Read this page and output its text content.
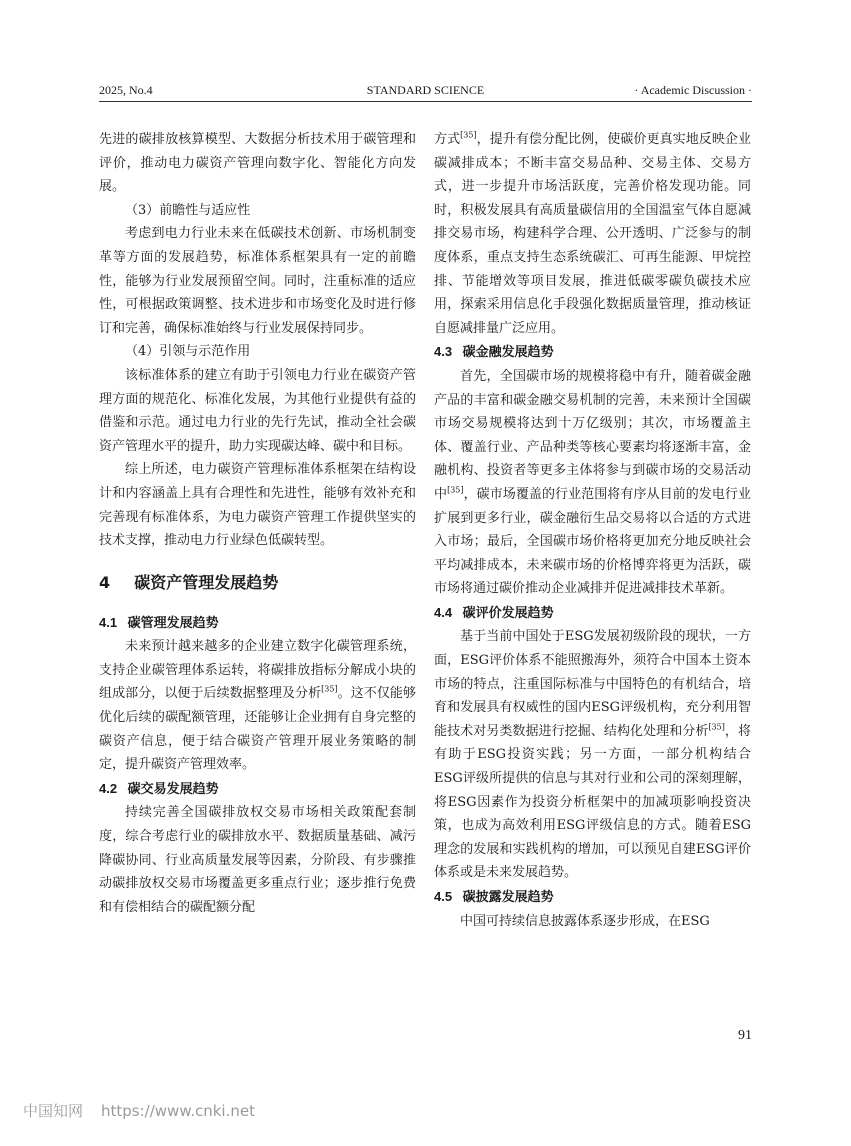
2025, No.4	STANDARD SCIENCE	· Academic Discussion ·

先进的碳排放核算模型、大数据分析技术用于碳管理和评价，推动电力碳资产管理向数字化、智能化方向发展。

（3）前瞻性与适应性

考虑到电力行业未来在低碳技术创新、市场机制变革等方面的发展趋势，标准体系框架具有一定的前瞻性，能够为行业发展预留空间。同时，注重标准的适应性，可根据政策调整、技术进步和市场变化及时进行修订和完善，确保标准始终与行业发展保持同步。

（4）引领与示范作用

该标准体系的建立有助于引领电力行业在碳资产管理方面的规范化、标准化发展，为其他行业提供有益的借鉴和示范。通过电力行业的先行先试，推动全社会碳资产管理水平的提升，助力实现碳达峰、碳中和目标。

综上所述，电力碳资产管理标准体系框架在结构设计和内容涵盖上具有合理性和先进性，能够有效补充和完善现有标准体系，为电力碳资产管理工作提供坚实的技术支撑，推动电力行业绿色低碳转型。

4 碳资产管理发展趋势
4.1 碳管理发展趋势

未来预计越来越多的企业建立数字化碳管理系统，支持企业碳管理体系运转，将碳排放指标分解成小块的组成部分，以便于后续数据整理及分析[35]。这不仅能够优化后续的碳配额管理，还能够让企业拥有自身完整的碳资产信息，便于结合碳资产管理开展业务策略的制定，提升碳资产管理效率。

4.2 碳交易发展趋势

持续完善全国碳排放权交易市场相关政策配套制度，综合考虑行业的碳排放水平、数据质量基础、减污降碳协同、行业高质量发展等因素，分阶段、有步骤推动碳排放权交易市场覆盖更多重点行业；逐步推行免费和有偿相结合的碳配额分配

方式[35]，提升有偿分配比例，使碳价更真实地反映企业碳减排成本；不断丰富交易品种、交易主体、交易方式，进一步提升市场活跃度，完善价格发现功能。同时，积极发展具有高质量碳信用的全国温室气体自愿减排交易市场，构建科学合理、公开透明、广泛参与的制度体系，重点支持生态系统碳汇、可再生能源、甲烷控排、节能增效等项目发展，推进低碳零碳负碳技术应用，探索采用信息化手段强化数据质量管理，推动核证自愿减排量广泛应用。

4.3 碳金融发展趋势

首先，全国碳市场的规模将稳中有升，随着碳金融产品的丰富和碳金融交易机制的完善，未来预计全国碳市场交易规模将达到十万亿级别；其次，市场覆盖主体、覆盖行业、产品种类等核心要素均将逐渐丰富，金融机构、投资者等更多主体将参与到碳市场的交易活动中[35]，碳市场覆盖的行业范围将有序从目前的发电行业扩展到更多行业，碳金融衍生品交易将以合适的方式进入市场；最后，全国碳市场价格将更加充分地反映社会平均减排成本，未来碳市场的价格博弈将更为活跃，碳市场将通过碳价推动企业减排并促进减排技术革新。

4.4 碳评价发展趋势

基于当前中国处于ESG发展初级阶段的现状，一方面，ESG评价体系不能照搬海外，须符合中国本土资本市场的特点，注重国际标准与中国特色的有机结合，培育和发展具有权威性的国内ESG评级机构，充分利用智能技术对另类数据进行挖掘、结构化处理和分析[35]，将有助于ESG投资实践；另一方面，一部分机构结合ESG评级所提供的信息与其对行业和公司的深刻理解，将ESG因素作为投资分析框架中的加减项影响投资决策，也成为高效利用ESG评级信息的方式。随着ESG理念的发展和实践机构的增加，可以预见自建ESG评价体系或是未来发展趋势。

4.5 碳披露发展趋势

中国可持续信息披露体系逐步形成，在ESG

91
中国知网 https://www.cnki.net
